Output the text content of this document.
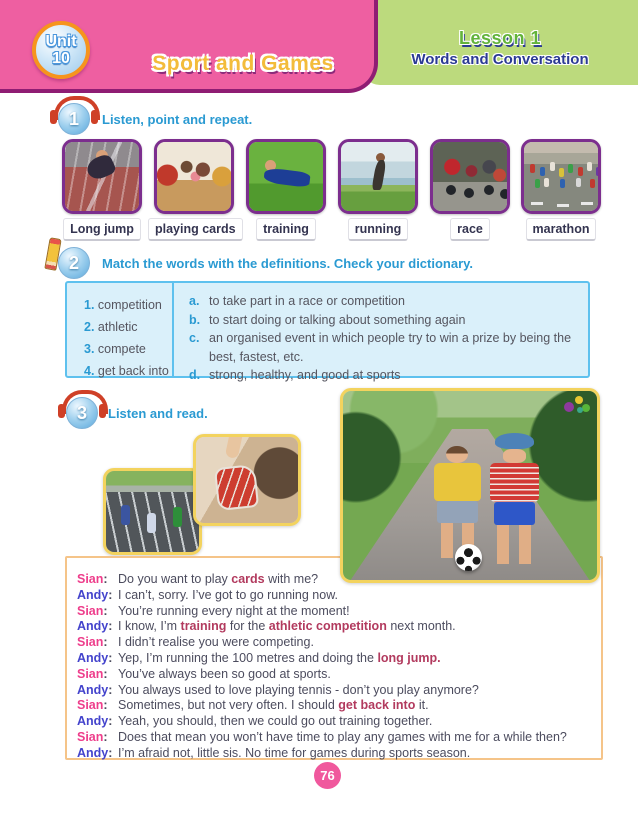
Lesson 1
Words and Conversation
Unit
10	Sport and Games
1	Listen, point and repeat.
Long jump	playing cards	training	running	race	marathon
2	Match the words with the definitions. Check your dictionary.
1. competition
2. athletic
3. compete
4. get back into
a. to take part in a race or competition
b. to start doing or talking about something again
c. an organised event in which people try to win a prize by being the best, fastest, etc.
d. strong, healthy, and good at sports
3	Listen and read.
Sian: Do you want to play cards with me?
Andy: I can’t, sorry. I’ve got to go running now.
Sian: You’re running every night at the moment!
Andy: I know, I’m training for the athletic competition next month.
Sian: I didn’t realise you were competing.
Andy: Yep, I’m running the 100 metres and doing the long jump.
Sian: You’ve always been so good at sports.
Andy: You always used to love playing tennis - don’t you play anymore?
Sian: Sometimes, but not very often. I should get back into it.
Andy: Yeah, you should, then we could go out training together.
Sian: Does that mean you won’t have time to play any games with me for a while then?
Andy: I’m afraid not, little sis. No time for games during sports season.
76
